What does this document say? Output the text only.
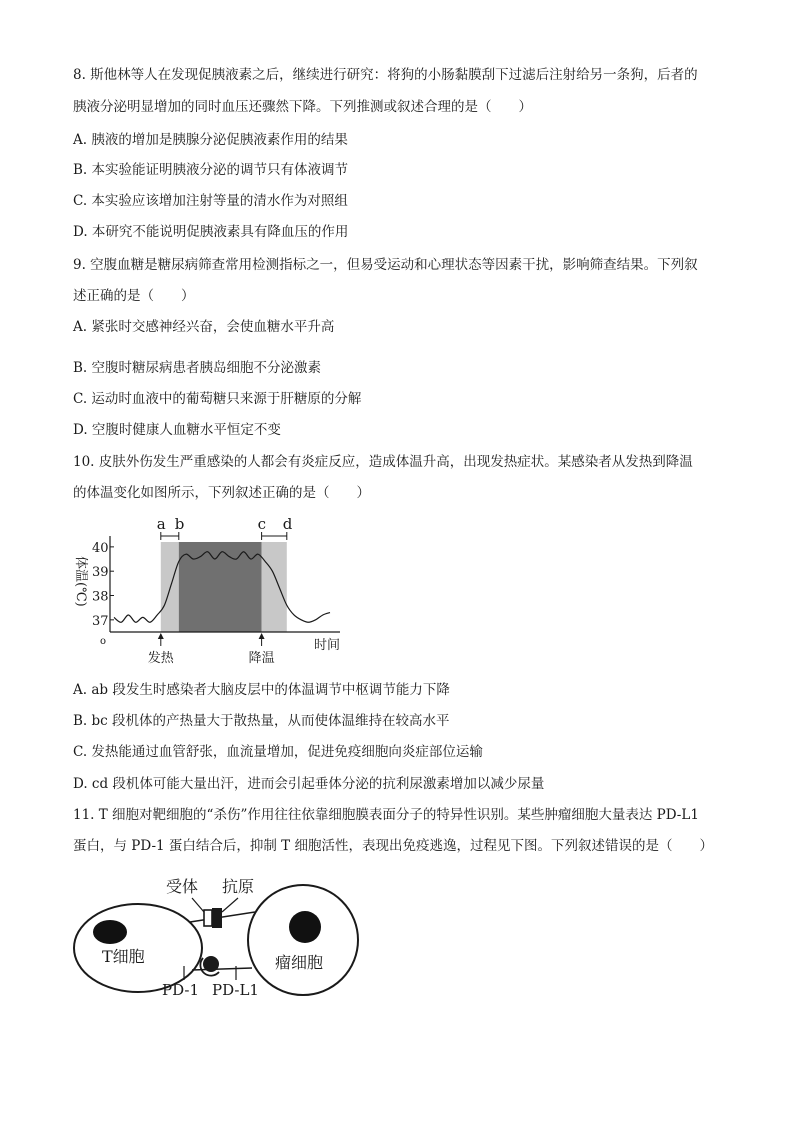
8. 斯他林等人在发现促胰液素之后，继续进行研究：将狗的小肠黏膜刮下过滤后注射给另一条狗，后者的
胰液分泌明显增加的同时血压还骤然下降。下列推测或叙述合理的是（　　）
A. 胰液的增加是胰腺分泌促胰液素作用的结果
B. 本实验能证明胰液分泌的调节只有体液调节
C. 本实验应该增加注射等量的清水作为对照组
D. 本研究不能说明促胰液素具有降血压的作用
9. 空腹血糖是糖尿病筛查常用检测指标之一，但易受运动和心理状态等因素干扰，影响筛查结果。下列叙
述正确的是（　　）
A. 紧张时交感神经兴奋，会使血糖水平升高
B. 空腹时糖尿病患者胰岛细胞不分泌激素
C. 运动时血液中的葡萄糖只来源于肝糖原的分解
D. 空腹时健康人血糖水平恒定不变
10. 皮肤外伤发生严重感染的人都会有炎症反应，造成体温升高，出现发热症状。某感染者从发热到降温
的体温变化如图所示，下列叙述正确的是（　　）
37
38
39
40
o
体温(℃)
时间
a b	c d
发热	降温
A. ab 段发生时感染者大脑皮层中的体温调节中枢调节能力下降
B. bc 段机体的产热量大于散热量，从而使体温维持在较高水平
C. 发热能通过血管舒张，血流量增加，促进免疫细胞向炎症部位运输
D. cd 段机体可能大量出汗，进而会引起垂体分泌的抗利尿激素增加以减少尿量
11. T 细胞对靶细胞的“杀伤”作用往往依靠细胞膜表面分子的特异性识别。某些肿瘤细胞大量表达 PD-L1
蛋白，与 PD-1 蛋白结合后，抑制 T 细胞活性，表现出免疫逃逸，过程见下图。下列叙述错误的是（　　）
T细胞	瘤细胞
受体 抗原
PD-1 PD-L1
